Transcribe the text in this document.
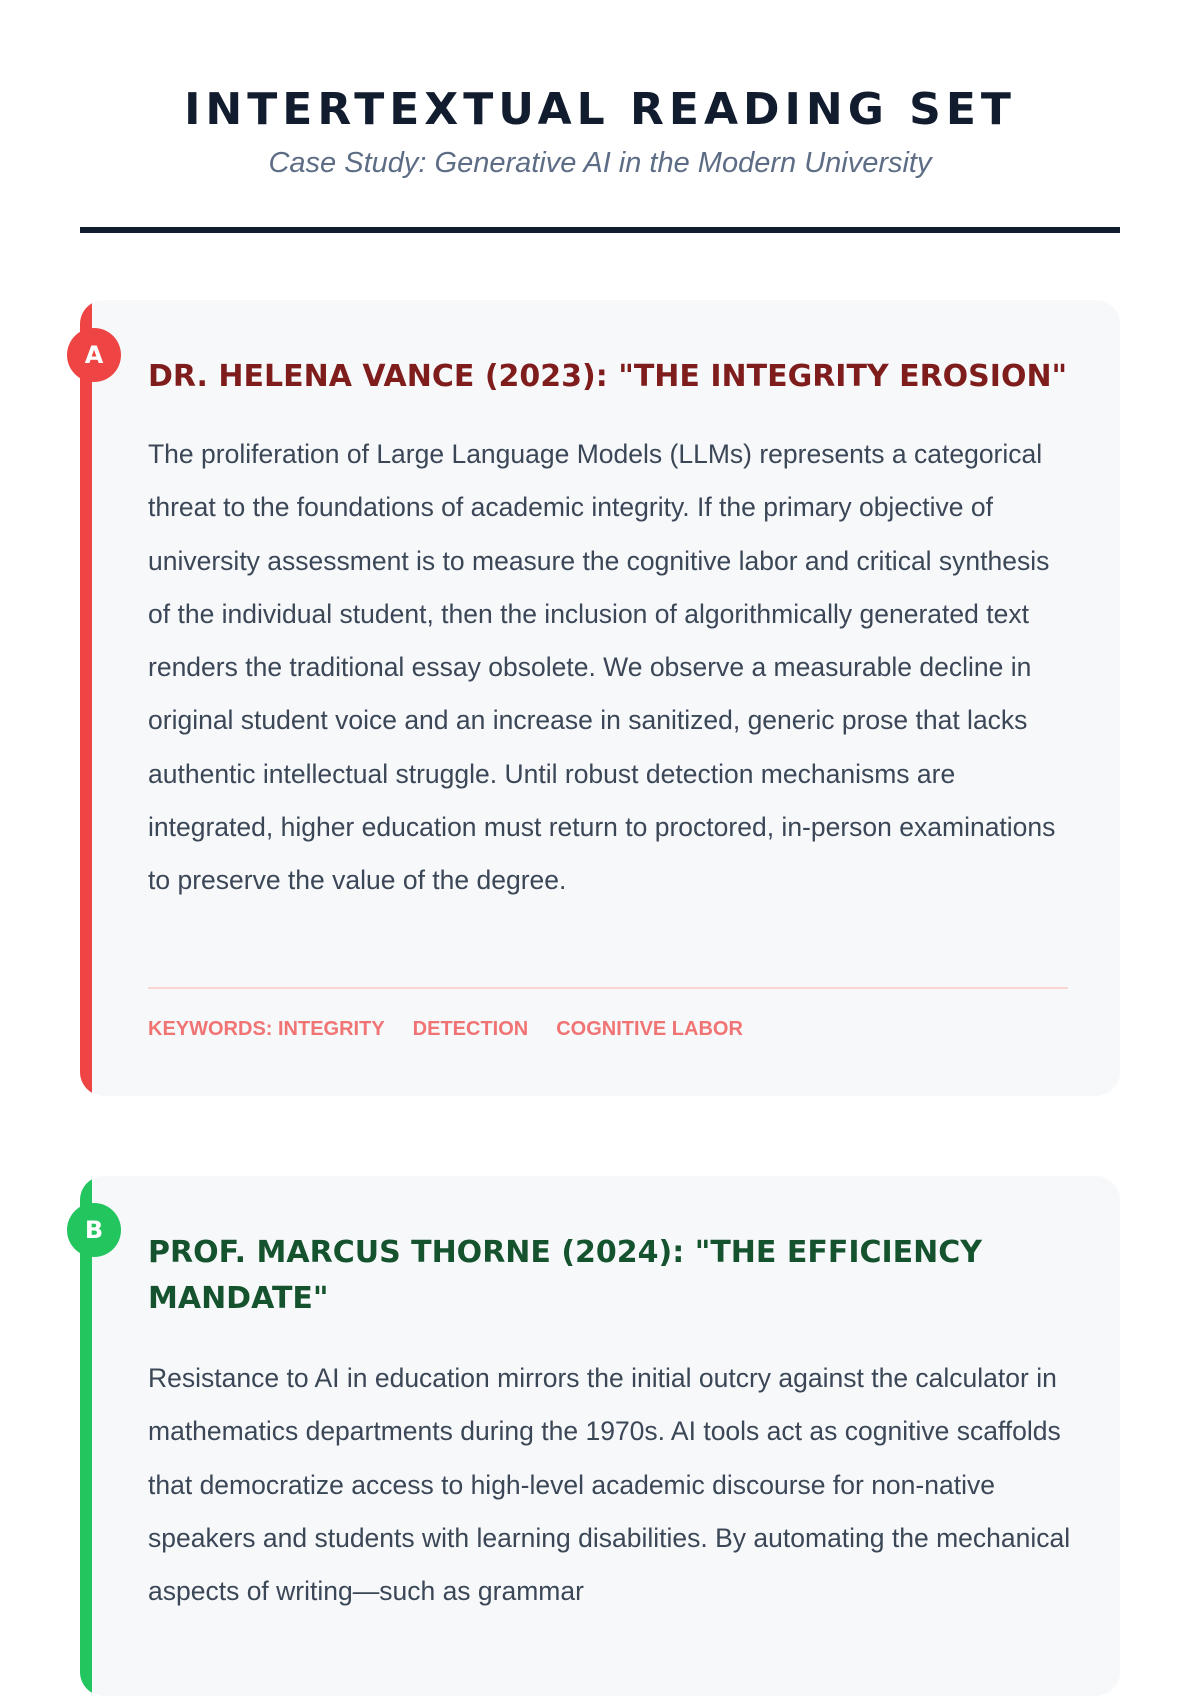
INTERTEXTUAL READING SET
Case Study: Generative AI in the Modern University
A
DR. HELENA VANCE (2023): "THE INTEGRITY EROSION"

The proliferation of Large Language Models (LLMs) represents a categorical threat to the foundations of academic integrity. If the primary objective of university assessment is to measure the cognitive labor and critical synthesis of the individual student, then the inclusion of algorithmically generated text renders the traditional essay obsolete. We observe a measurable decline in original student voice and an increase in sanitized, generic prose that lacks authentic intellectual struggle. Until robust detection mechanisms are integrated, higher education must return to proctored, in-person examinations to preserve the value of the degree.

KEYWORDS: INTEGRITY DETECTION COGNITIVE LABOR
B
PROF. MARCUS THORNE (2024): "THE EFFICIENCY MANDATE"

Resistance to AI in education mirrors the initial outcry against the calculator in mathematics departments during the 1970s. AI tools act as cognitive scaffolds that democratize access to high-level academic discourse for non-native speakers and students with learning disabilities. By automating the mechanical aspects of writing—such as grammar
